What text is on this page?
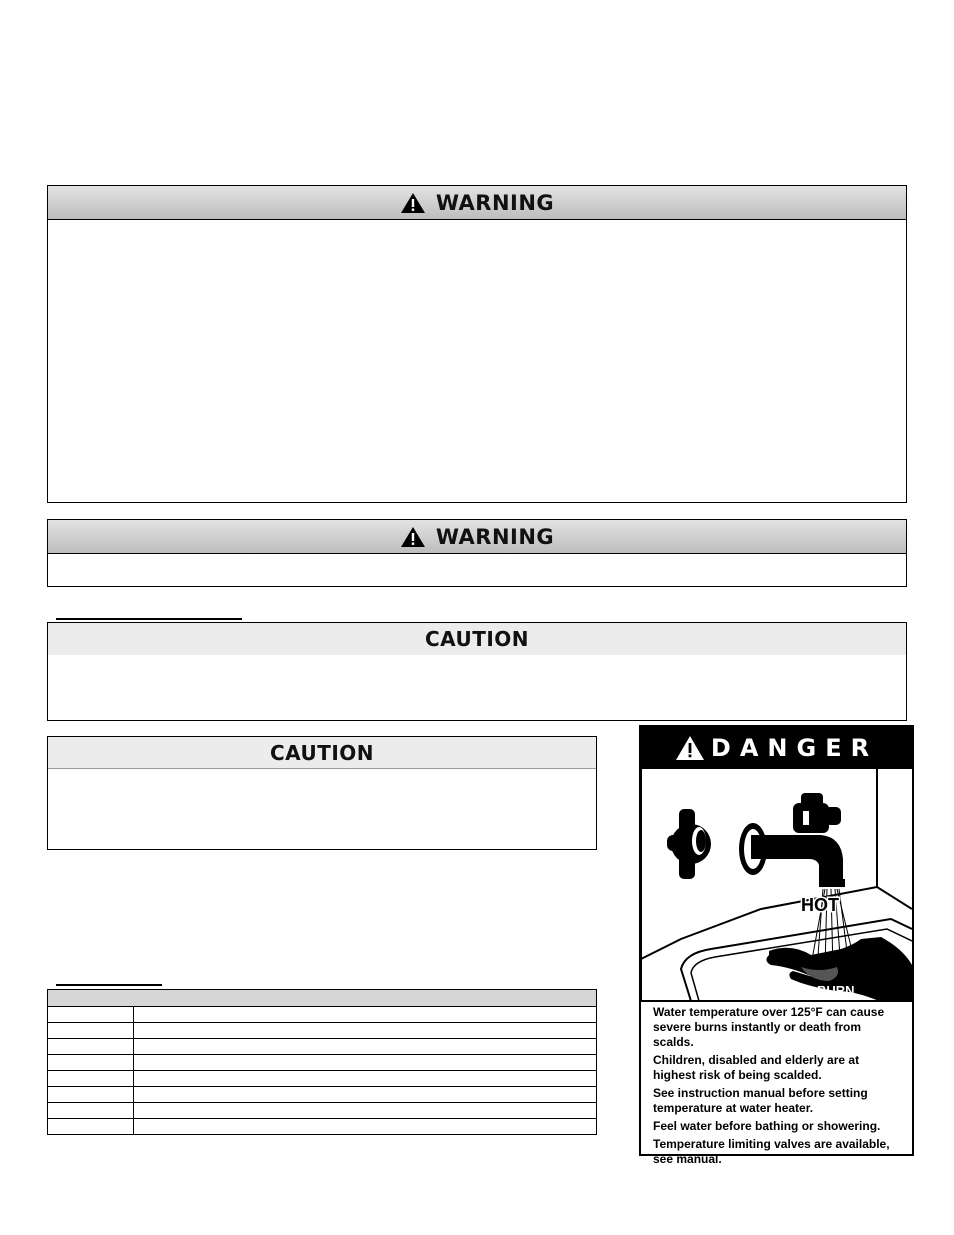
WARNING
WARNING
CAUTION
CAUTION

		DANGER
HOT
BURN

Water temperature over 125°F can cause severe burns instantly or death from scalds.

Children, disabled and elderly are at highest risk of being scalded.

See instruction manual before setting temperature at water heater.

Feel water before bathing or showering.

Temperature limiting valves are available, see manual.
